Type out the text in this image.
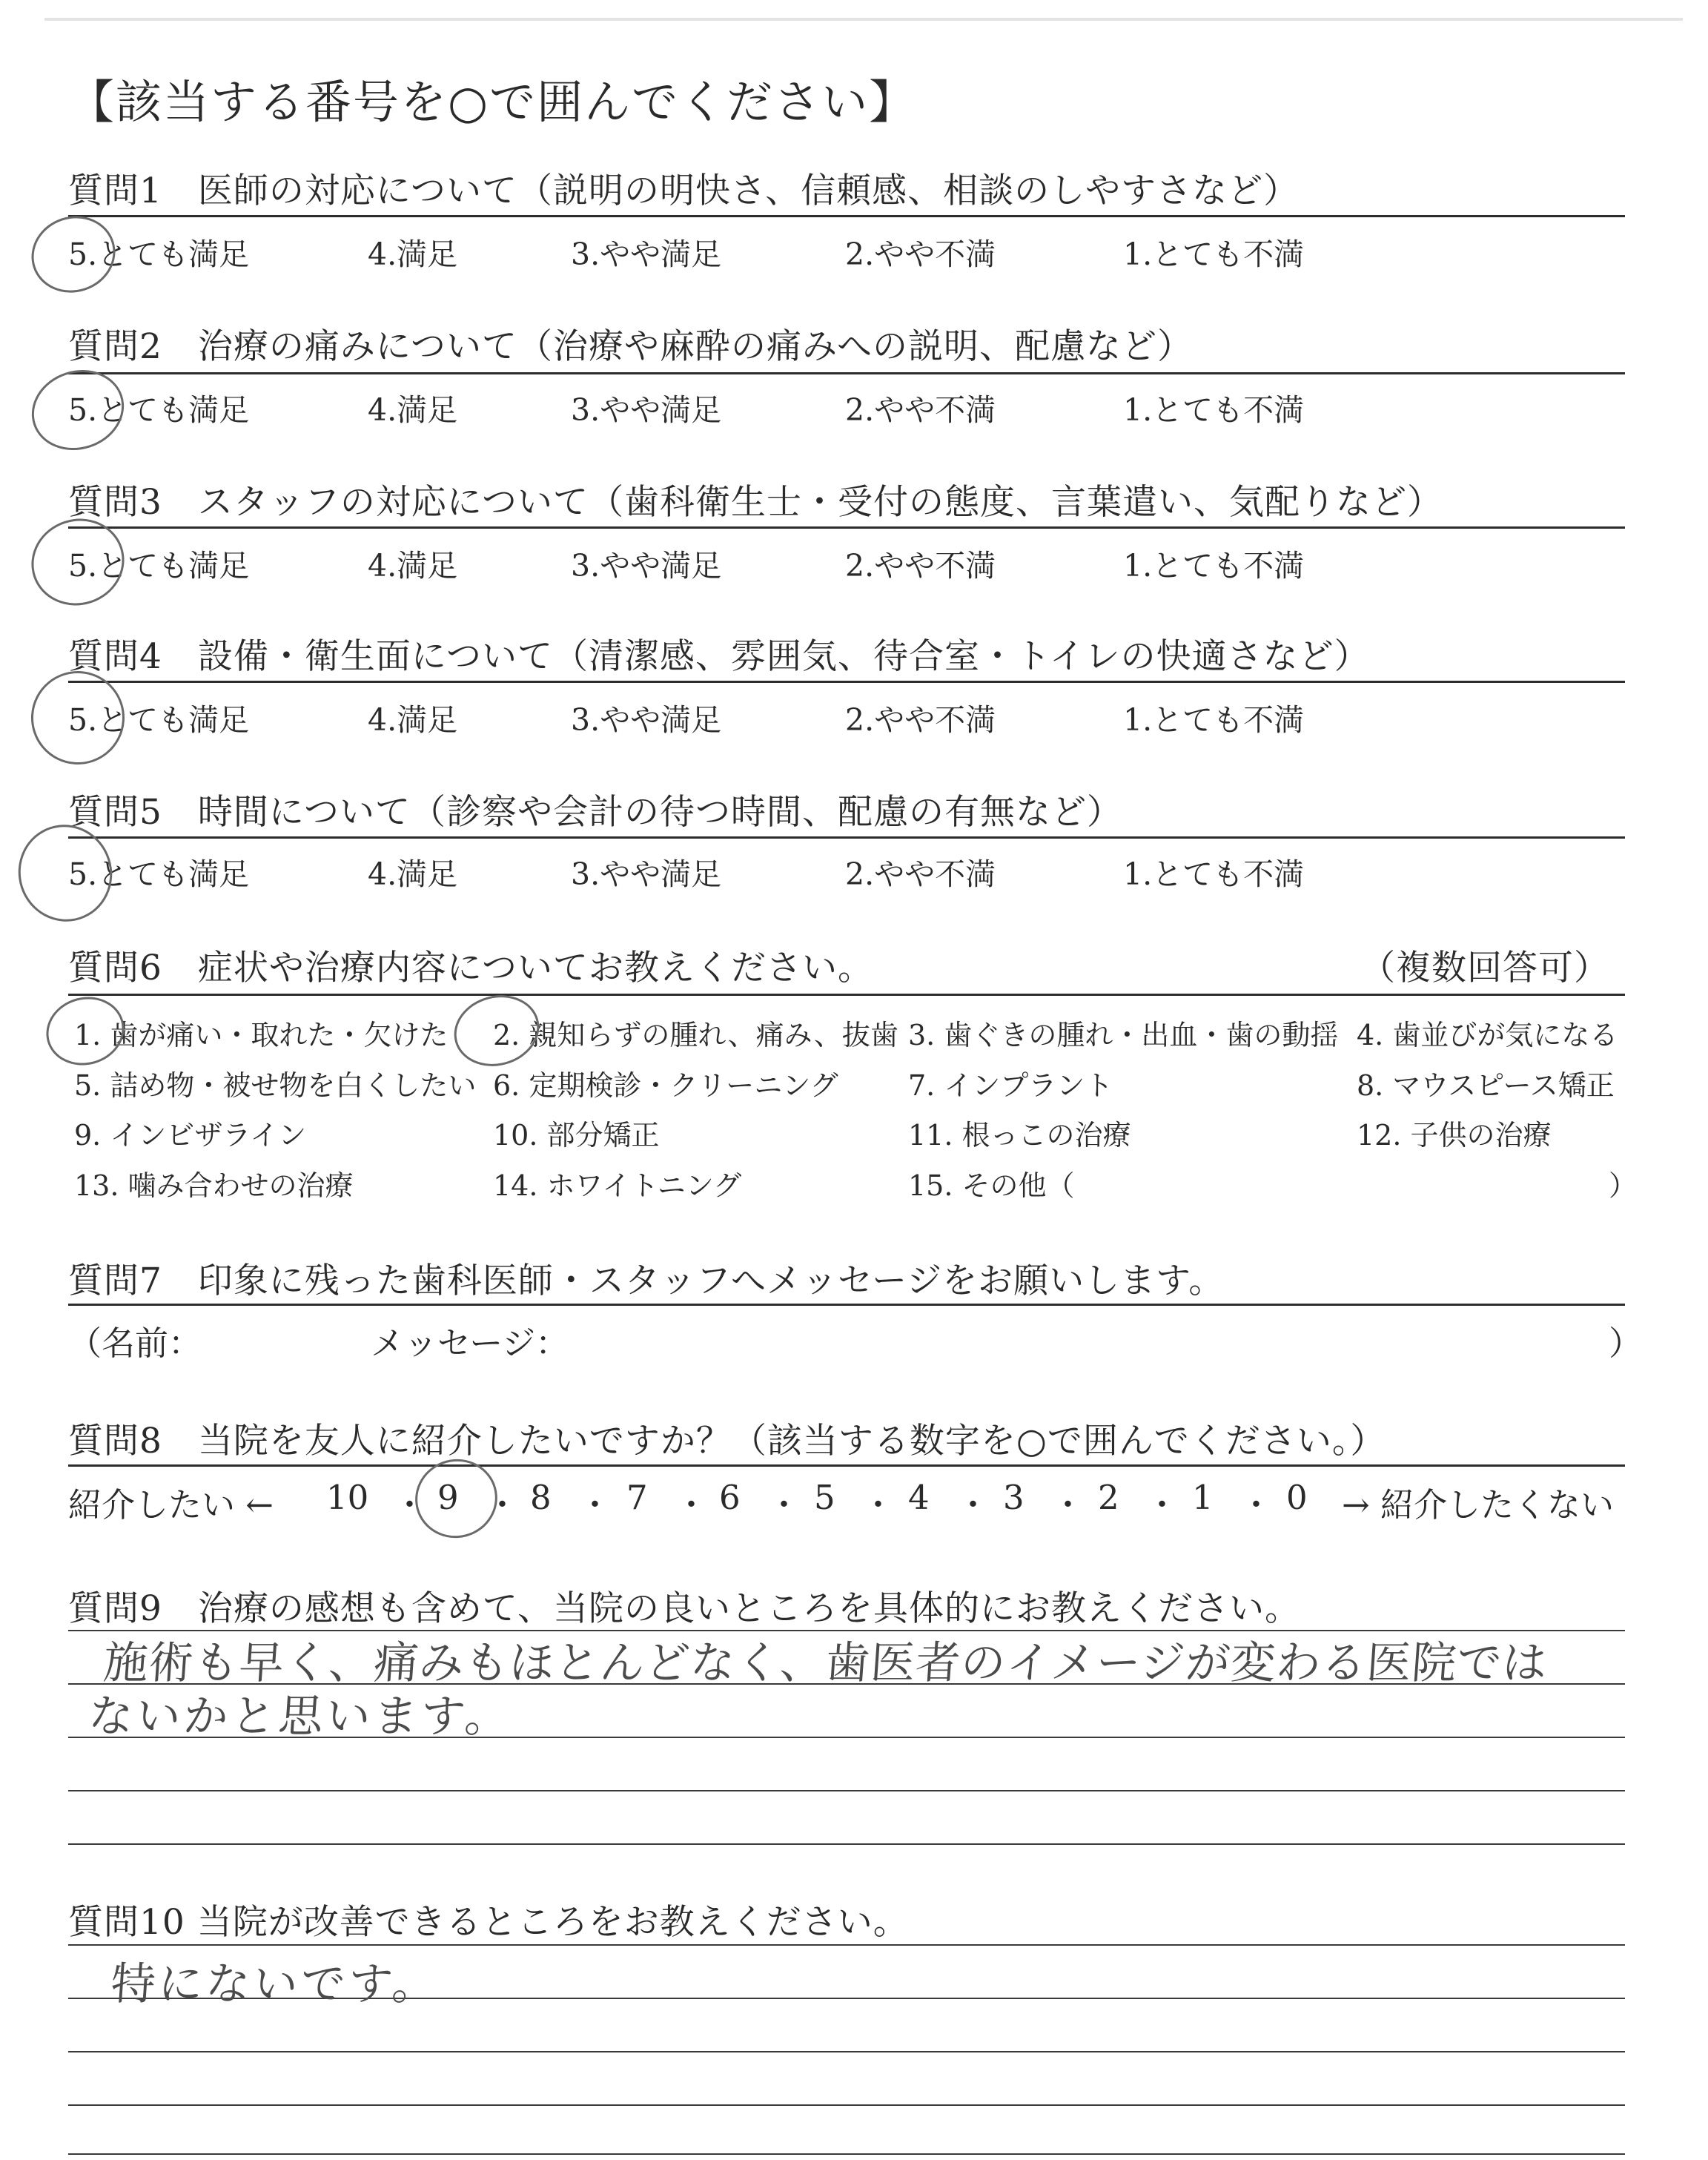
【該当する番号を○で囲んでください】
質問1　医師の対応について（説明の明快さ、信頼感、相談のしやすさなど）
5.とても満足	4.満足	3.やや満足	2.やや不満	1.とても不満
質問2　治療の痛みについて（治療や麻酔の痛みへの説明、配慮など）
5.とても満足	4.満足	3.やや満足	2.やや不満	1.とても不満
質問3　スタッフの対応について（歯科衛生士・受付の態度、言葉遣い、気配りなど）
5.とても満足	4.満足	3.やや満足	2.やや不満	1.とても不満
質問4　設備・衛生面について（清潔感、雰囲気、待合室・トイレの快適さなど）
5.とても満足	4.満足	3.やや満足	2.やや不満	1.とても不満
質問5　時間について（診察や会計の待つ時間、配慮の有無など）
5.とても満足	4.満足	3.やや満足	2.やや不満	1.とても不満
質問6　症状や治療内容についてお教えください。	（複数回答可）
1. 歯が痛い・取れた・欠けた 2. 親知らずの腫れ、痛み、抜歯 3. 歯ぐきの腫れ・出血・歯の動揺 4. 歯並びが気になる
5. 詰め物・被せ物を白くしたい 6. 定期検診・クリーニング 7. インプラント	8. マウスピース矯正
9. インビザライン	10. 部分矯正	11. 根っこの治療	12. 子供の治療
13. 噛み合わせの治療	14. ホワイトニング	15. その他（	）
質問7　印象に残った歯科医師・スタッフへメッセージをお願いします。
（名前：	メッセージ：	）
質問8　当院を友人に紹介したいですか？（該当する数字を○で囲んでください。）
紹介したい ← 10 ・ 9 ・ 8 ・ 7 ・ 6 ・ 5 ・ 4 ・ 3 ・ 2 ・ 1 ・ 0 → 紹介したくない
質問9　治療の感想も含めて、当院の良いところを具体的にお教えください。
施術も早く、痛みもほとんどなく、歯医者のイメージが変わる医院では
ないかと思います。
質問10 当院が改善できるところをお教えください。
特にないです。
